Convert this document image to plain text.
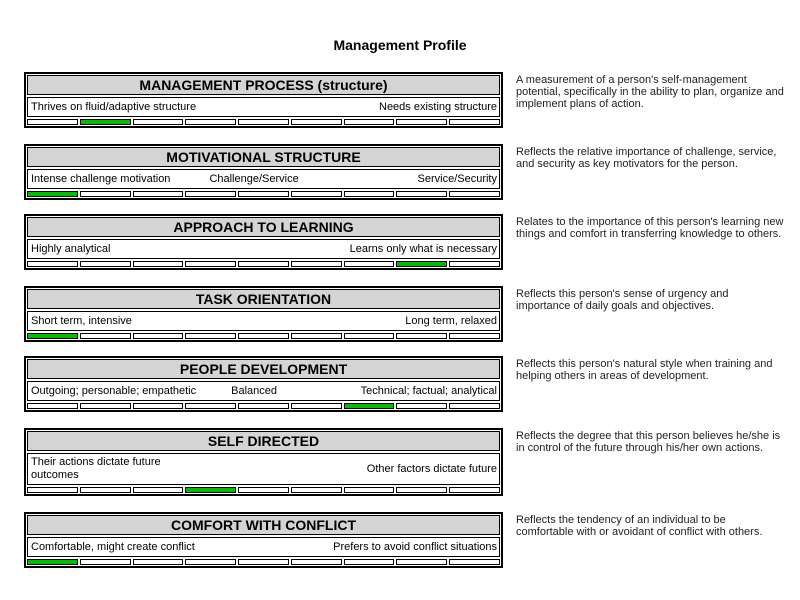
Management Profile
MANAGEMENT PROCESS (structure)
Thrives on fluid/adaptive structure	Needs existing structure
A measurement of a person's self-management potential, specifically in the ability to plan, organize and implement plans of action.
MOTIVATIONAL STRUCTURE
Intense challenge motivation	Challenge/Service	Service/Security
Reflects the relative importance of challenge, service, and security as key motivators for the person.
APPROACH TO LEARNING
Highly analytical	Learns only what is necessary
Relates to the importance of this person's learning new things and comfort in transferring knowledge to others.
TASK ORIENTATION
Short term, intensive	Long term, relaxed
Reflects this person's sense of urgency and importance of daily goals and objectives.
PEOPLE DEVELOPMENT
Outgoing; personable; empathetic	Balanced	Technical; factual; analytical
Reflects this person's natural style when training and helping others in areas of development.
SELF DIRECTED
Their actions dictate future outcomes	Other factors dictate future
Reflects the degree that this person believes he/she is in control of the future through his/her own actions.
COMFORT WITH CONFLICT
Comfortable, might create conflict	Prefers to avoid conflict situations
Reflects the tendency of an individual to be comfortable with or avoidant of conflict with others.
